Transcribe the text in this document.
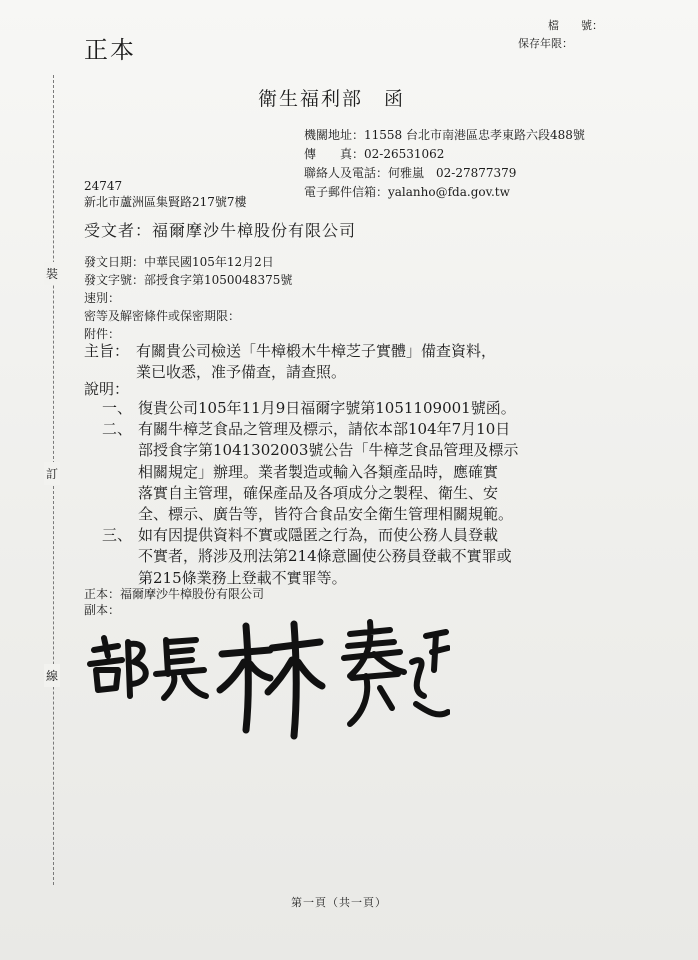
裝
訂
線
正本
檔　　號：
保存年限：
衛生福利部　函
機關地址：11558 台北市南港區忠孝東路六段488號
傳　　真：02-26531062
聯絡人及電話：何雅嵐　02-27877379
電子郵件信箱：yalanho@fda.gov.tw
24747
新北市蘆洲區集賢路217號7樓
受文者：福爾摩沙牛樟股份有限公司
發文日期：中華民國105年12月2日
發文字號：部授食字第1050048375號
速別：
密等及解密條件或保密期限：
附件：
主旨： 有關貴公司檢送「牛樟椴木牛樟芝子實體」備查資料，
業已收悉，准予備查，請查照。
說明：
一、 復貴公司105年11月9日福爾字號第1051109001號函。
二、 有關牛樟芝食品之管理及標示，請依本部104年7月10日
部授食字第1041302003號公告「牛樟芝食品管理及標示
相關規定」辦理。業者製造或輸入各類產品時，應確實
落實自主管理，確保產品及各項成分之製程、衛生、安
全、標示、廣告等，皆符合食品安全衛生管理相關規範。
三、 如有因提供資料不實或隱匿之行為，而使公務人員登載
不實者，將涉及刑法第214條意圖使公務員登載不實罪或
第215條業務上登載不實罪等。
正本：福爾摩沙牛樟股份有限公司
副本：
第一頁（共一頁）
